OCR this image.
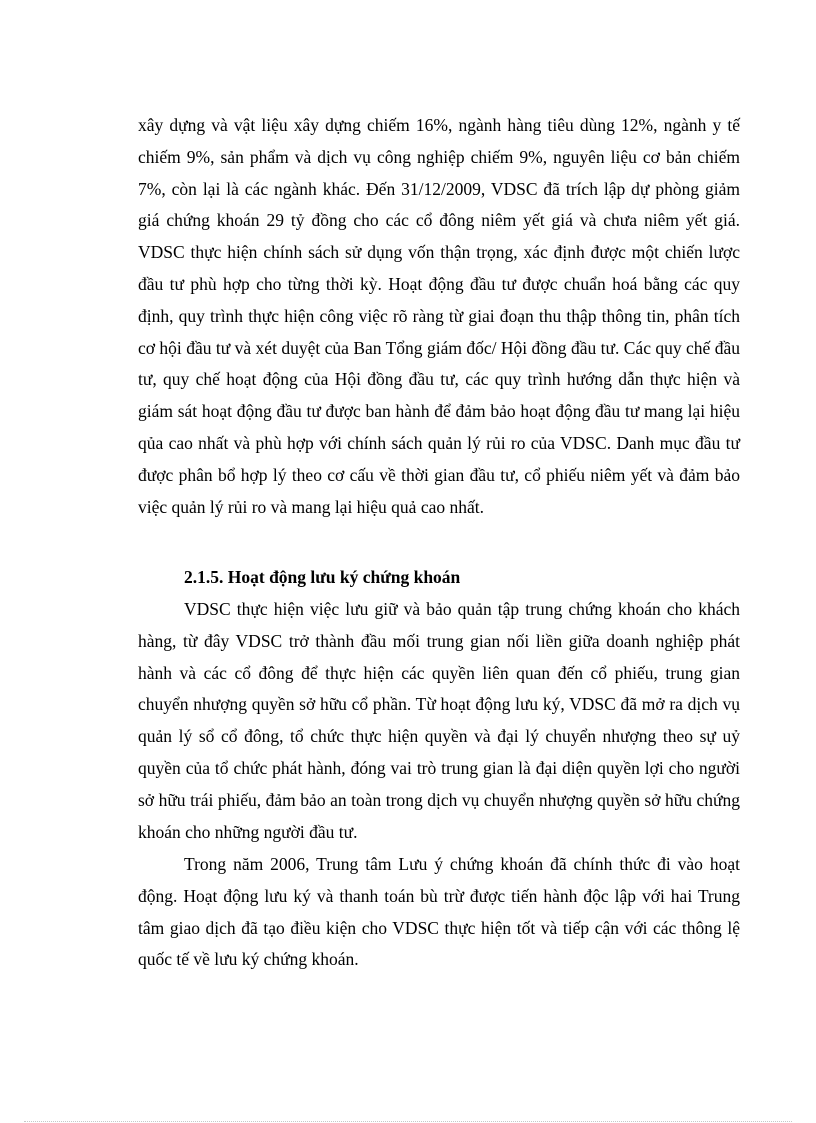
xây dựng và vật liệu xây dựng chiếm 16%, ngành hàng tiêu dùng 12%, ngành y tế chiếm 9%, sản phẩm và dịch vụ công nghiệp chiếm 9%, nguyên liệu cơ bản chiếm 7%, còn lại là các ngành khác. Đến 31/12/2009, VDSC đã trích lập dự phòng giảm giá chứng khoán 29 tỷ đồng cho các cổ đông niêm yết giá và chưa niêm yết giá. VDSC thực hiện chính sách sử dụng vốn thận trọng, xác định được một chiến lược đầu tư phù hợp cho từng thời kỳ. Hoạt động đầu tư được chuẩn hoá bằng các quy định, quy trình thực hiện công việc rõ ràng từ giai đoạn thu thập thông tin, phân tích cơ hội đầu tư và xét duyệt của Ban Tổng giám đốc/ Hội đồng đầu tư. Các quy chế đầu tư, quy chế hoạt động của Hội đồng đầu tư, các quy trình hướng dẫn thực hiện và giám sát hoạt động đầu tư được ban hành để đảm bảo hoạt động đầu tư mang lại hiệu qủa cao nhất và phù hợp với chính sách quản lý rủi ro của VDSC. Danh mục đầu tư được phân bổ hợp lý theo cơ cấu về thời gian đầu tư, cổ phiếu niêm yết và đảm bảo việc quản lý rủi ro và mang lại hiệu quả cao nhất.

2.1.5. Hoạt động lưu ký chứng khoán

VDSC thực hiện việc lưu giữ và bảo quản tập trung chứng khoán cho khách hàng, từ đây VDSC trở thành đầu mối trung gian nối liền giữa doanh nghiệp phát hành và các cổ đông để thực hiện các quyền liên quan đến cổ phiếu, trung gian chuyển nhượng quyền sở hữu cổ phần. Từ hoạt động lưu ký, VDSC đã mở ra dịch vụ quản lý sổ cổ đông, tổ chức thực hiện quyền và đại lý chuyển nhượng theo sự uỷ quyền của tổ chức phát hành, đóng vai trò trung gian là đại diện quyền lợi cho người sở hữu trái phiếu, đảm bảo an toàn trong dịch vụ chuyển nhượng quyền sở hữu chứng khoán cho những người đầu tư.

Trong năm 2006, Trung tâm Lưu ý chứng khoán đã chính thức đi vào hoạt động. Hoạt động lưu ký và thanh toán bù trừ được tiến hành độc lập với hai Trung tâm giao dịch đã tạo điều kiện cho VDSC thực hiện tốt và tiếp cận với các thông lệ quốc tế về lưu ký chứng khoán.
